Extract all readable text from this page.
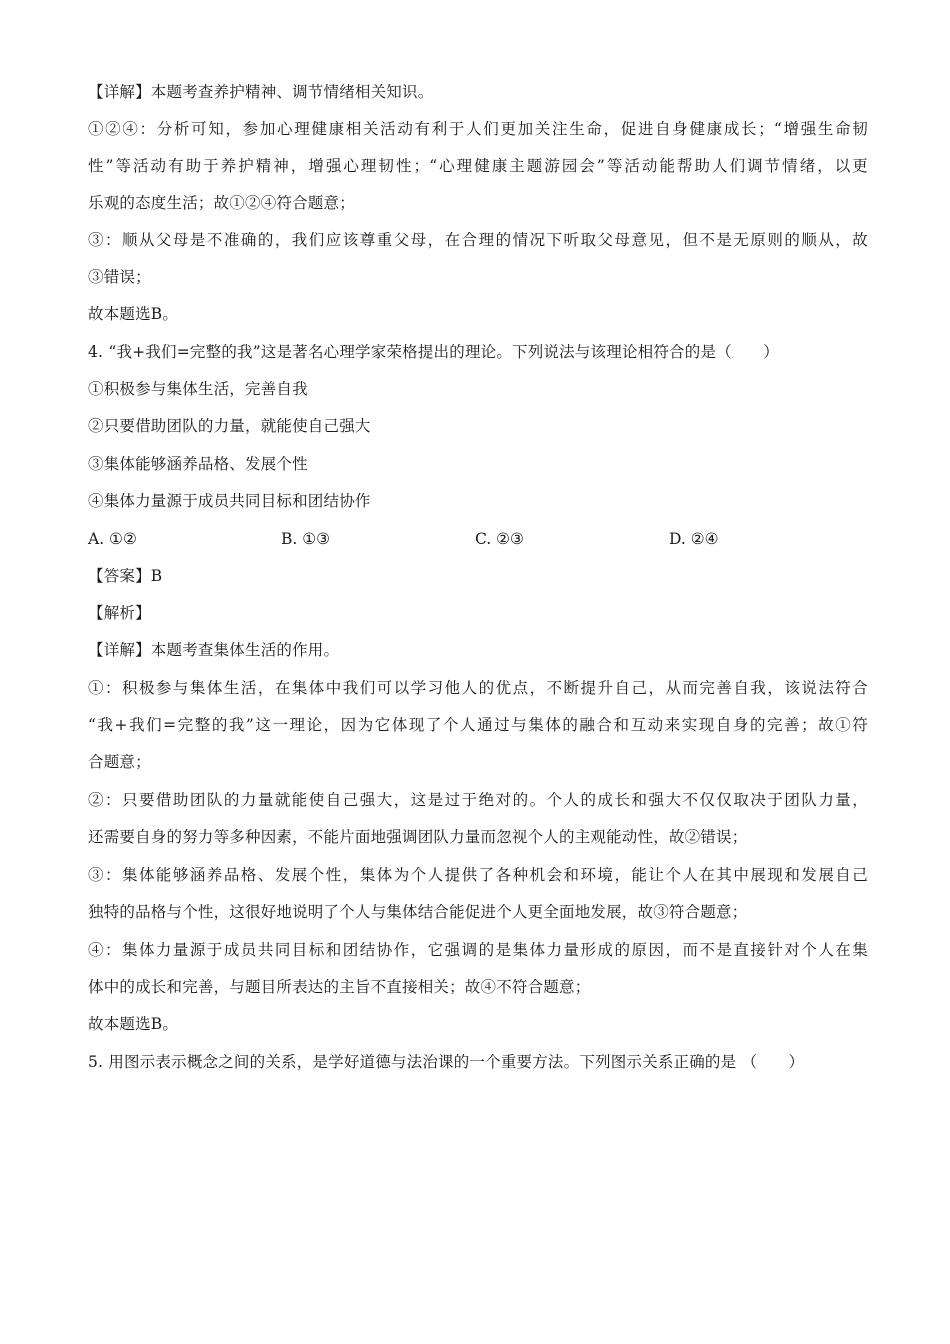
【详解】本题考查养护精神、调节情绪相关知识。
①②④：分析可知，参加心理健康相关活动有利于人们更加关注生命，促进自身健康成长；“增强生命韧
性”等活动有助于养护精神，增强心理韧性；“心理健康主题游园会”等活动能帮助人们调节情绪，以更
乐观的态度生活；故①②④符合题意；
③：顺从父母是不准确的，我们应该尊重父母，在合理的情况下听取父母意见，但不是无原则的顺从，故
③错误；
故本题选B。
4. “我+我们=完整的我”这是著名心理学家荣格提出的理论。下列说法与该理论相符合的是（　　）
①积极参与集体生活，完善自我
②只要借助团队的力量，就能使自己强大
③集体能够涵养品格、发展个性
④集体力量源于成员共同目标和团结协作
A. ①②	B. ①③	C. ②③	D. ②④
【答案】B
【解析】
【详解】本题考查集体生活的作用。
①：积极参与集体生活，在集体中我们可以学习他人的优点，不断提升自己，从而完善自我，该说法符合
“我+我们=完整的我”这一理论，因为它体现了个人通过与集体的融合和互动来实现自身的完善；故①符
合题意；
②：只要借助团队的力量就能使自己强大，这是过于绝对的。个人的成长和强大不仅仅取决于团队力量，
还需要自身的努力等多种因素，不能片面地强调团队力量而忽视个人的主观能动性，故②错误；
③：集体能够涵养品格、发展个性，集体为个人提供了各种机会和环境，能让个人在其中展现和发展自己
独特的品格与个性，这很好地说明了个人与集体结合能促进个人更全面地发展，故③符合题意；
④：集体力量源于成员共同目标和团结协作，它强调的是集体力量形成的原因，而不是直接针对个人在集
体中的成长和完善，与题目所表达的主旨不直接相关；故④不符合题意；
故本题选B。
5. 用图示表示概念之间的关系，是学好道德与法治课的一个重要方法。下列图示关系正确的是 （　　）
